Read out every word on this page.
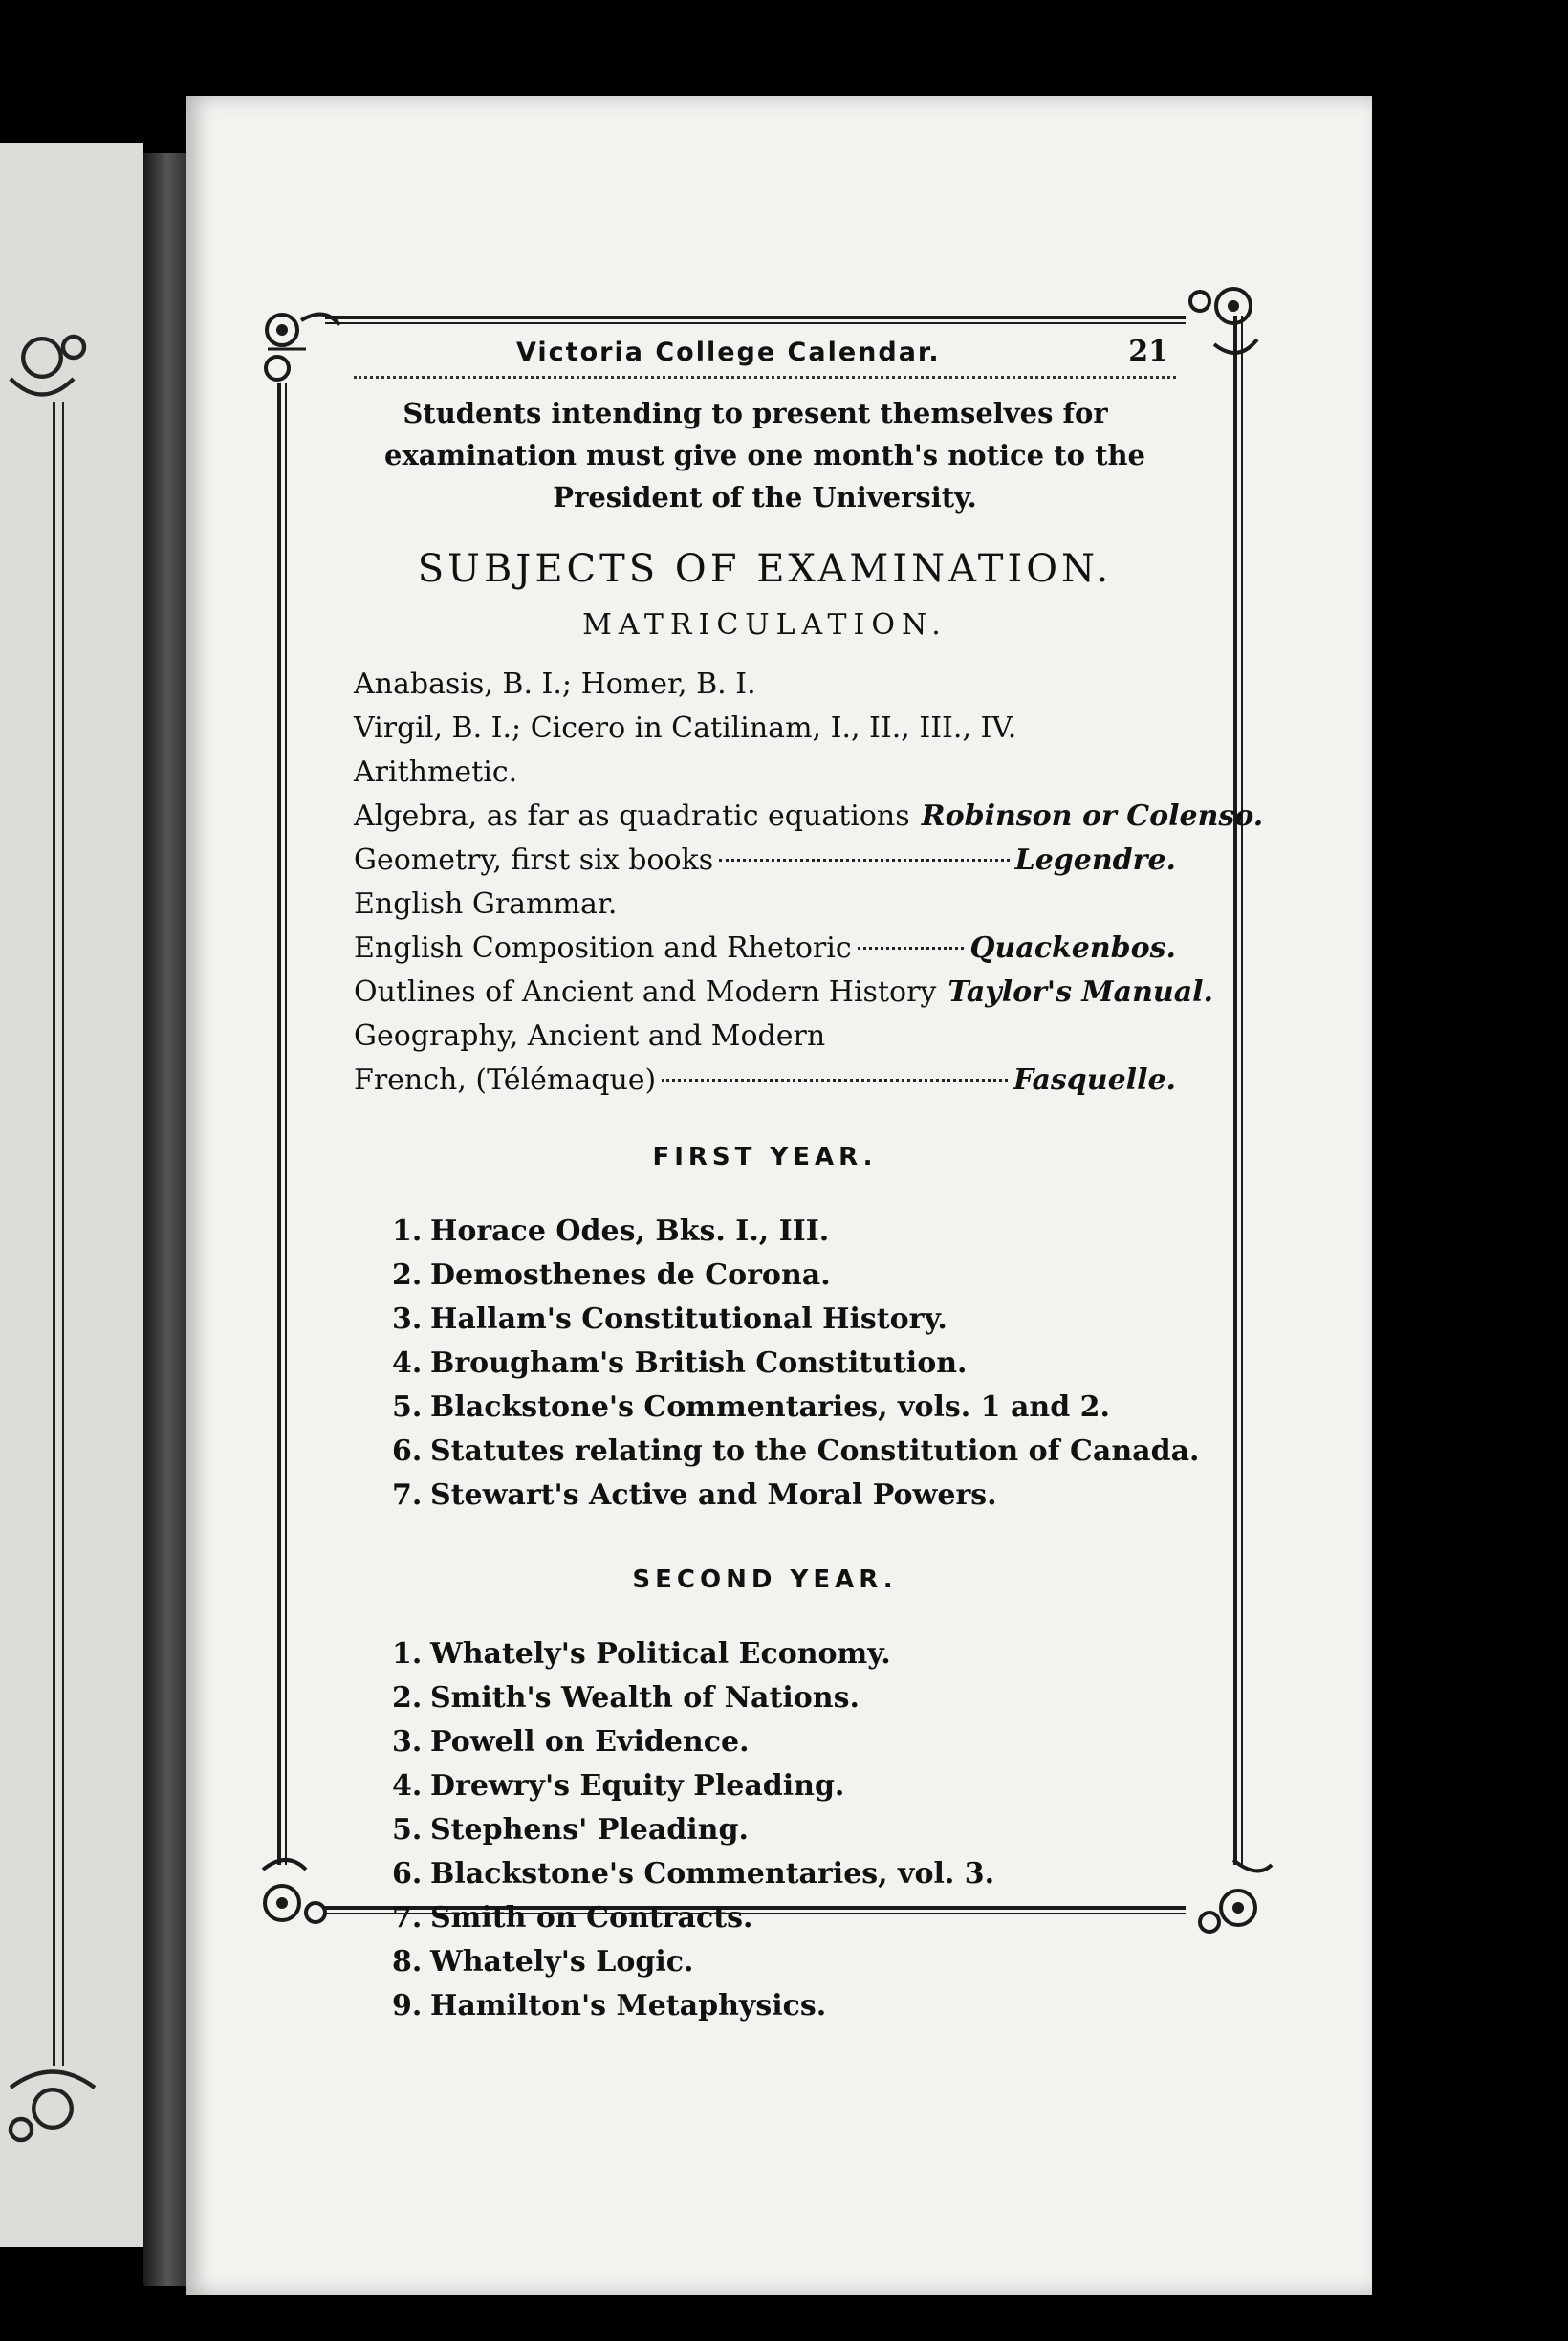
Victoria College Calendar.	21

Students intending to present themselves for examination must give one month's notice to the President of the University.

SUBJECTS OF EXAMINATION.
MATRICULATION.
Anabasis, B. I.; Homer, B. I.
Virgil, B. I.; Cicero in Catilinam, I., II., III., IV.
Arithmetic.
Algebra, as far as quadratic equations Robinson or Colenso.
Geometry, first six books	Legendre.
English Grammar.
English Composition and Rhetoric	Quackenbos.
Outlines of Ancient and Modern History Taylor's Manual.
Geography, Ancient and Modern
French, (Télémaque)	Fasquelle.
FIRST YEAR.
1. Horace Odes, Bks. I., III.
2. Demosthenes de Corona.
3. Hallam's Constitutional History.
4. Brougham's British Constitution.
5. Blackstone's Commentaries, vols. 1 and 2.
6. Statutes relating to the Constitution of Canada.
7. Stewart's Active and Moral Powers.
SECOND YEAR.
1. Whately's Political Economy.
2. Smith's Wealth of Nations.
3. Powell on Evidence.
4. Drewry's Equity Pleading.
5. Stephens' Pleading.
6. Blackstone's Commentaries, vol. 3.
7. Smith on Contracts.
8. Whately's Logic.
9. Hamilton's Metaphysics.
